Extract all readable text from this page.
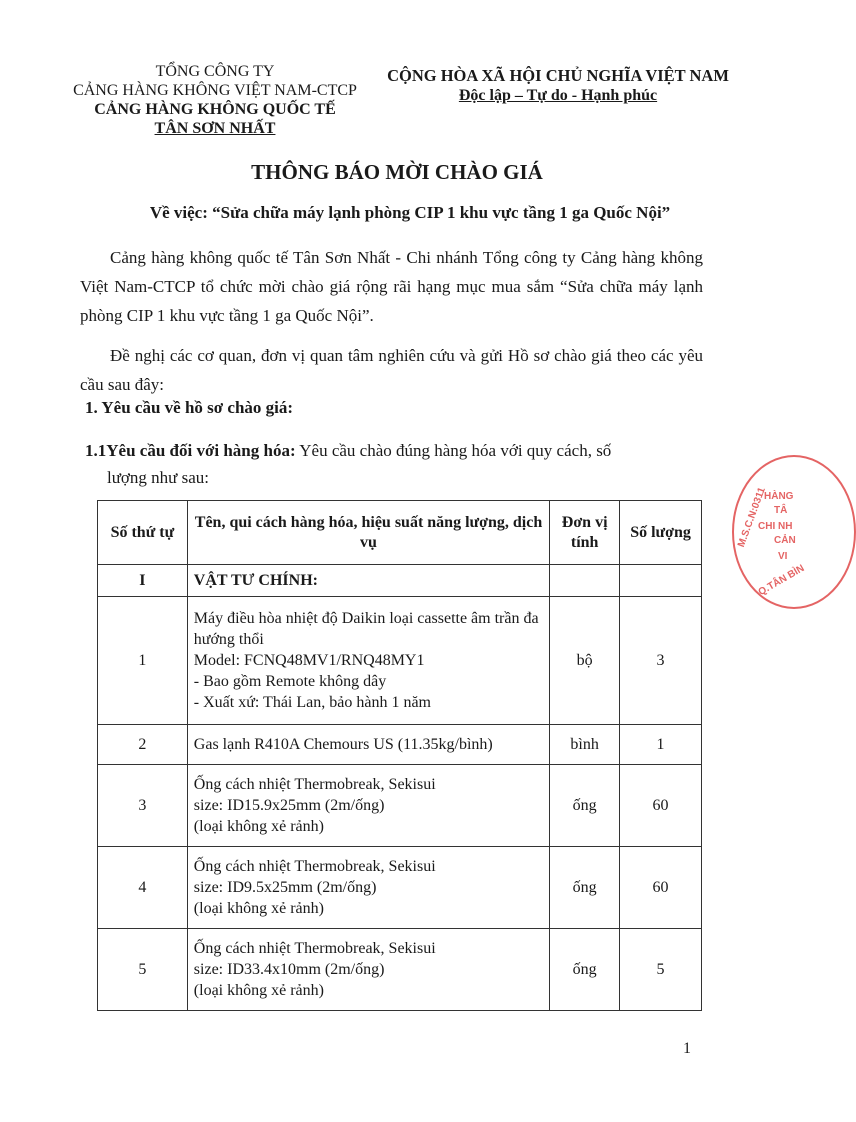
TỔNG CÔNG TY
CẢNG HÀNG KHÔNG VIỆT NAM-CTCP
CẢNG HÀNG KHÔNG QUỐC TẾ
TÂN SƠN NHẤT
CỘNG HÒA XÃ HỘI CHỦ NGHĨA VIỆT NAM
Độc lập – Tự do - Hạnh phúc
THÔNG BÁO MỜI CHÀO GIÁ
Về việc: “Sửa chữa máy lạnh phòng CIP 1 khu vực tầng 1 ga Quốc Nội”
Cảng hàng không quốc tế Tân Sơn Nhất - Chi nhánh Tổng công ty Cảng hàng không Việt Nam-CTCP tổ chức mời chào giá rộng rãi hạng mục mua sắm “Sửa chữa máy lạnh phòng CIP 1 khu vực tầng 1 ga Quốc Nội”.
Đề nghị các cơ quan, đơn vị quan tâm nghiên cứu và gửi Hồ sơ chào giá theo các yêu cầu sau đây:
1. Yêu cầu về hồ sơ chào giá:
1.1Yêu cầu đối với hàng hóa: Yêu cầu chào đúng hàng hóa với quy cách, số
lượng như sau:
Số thứ tự	Tên, qui cách hàng hóa, hiệu suất năng lượng, dịch vụ	Đơn vị tính	Số lượng
I	VẬT TƯ CHÍNH:		
1	Máy điều hòa nhiệt độ Daikin loại cassette âm trần đa hướng thổi
Model: FCNQ48MV1/RNQ48MY1
- Bao gồm Remote không dây
- Xuất xứ: Thái Lan, bảo hành 1 năm	bộ	3
2	Gas lạnh R410A Chemours US (11.35kg/bình)	bình	1
3	Ống cách nhiệt Thermobreak, Sekisui
size: ID15.9x25mm (2m/ống)
(loại không xẻ rảnh)	ống	60
4	Ống cách nhiệt Thermobreak, Sekisui
size: ID9.5x25mm (2m/ống)
(loại không xẻ rảnh)	ống	60
5	Ống cách nhiệt Thermobreak, Sekisui
size: ID33.4x10mm (2m/ống)
(loại không xẻ rảnh)	ống	5
M.S.C.N:0311
HÀNG
TÂ
CHI NH
CẢN
VI
Q.TÂN BÌN
1
